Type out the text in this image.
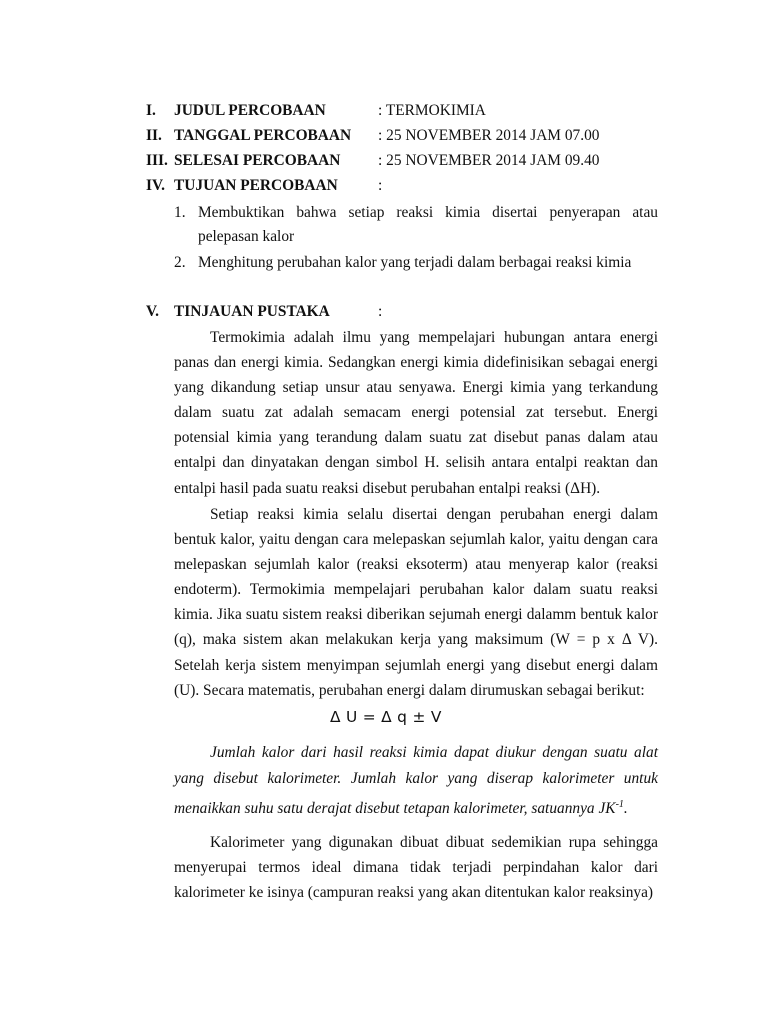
I. JUDUL PERCOBAAN	: TERMOKIMIA
II. TANGGAL PERCOBAAN : 25 NOVEMBER 2014 JAM 07.00
III. SELESAI PERCOBAAN : 25 NOVEMBER 2014 JAM 09.40
IV. TUJUAN PERCOBAAN	:
1. Membuktikan bahwa setiap reaksi kimia disertai penyerapan atau pelepasan kalor
2. Menghitung perubahan kalor yang terjadi dalam berbagai reaksi kimia
V. TINJAUAN PUSTAKA	:

Termokimia adalah ilmu yang mempelajari hubungan antara energi panas dan energi kimia. Sedangkan energi kimia didefinisikan sebagai energi yang dikandung setiap unsur atau senyawa. Energi kimia yang terkandung dalam suatu zat adalah semacam energi potensial zat tersebut. Energi potensial kimia yang terandung dalam suatu zat disebut panas dalam atau entalpi dan dinyatakan dengan simbol H. selisih antara entalpi reaktan dan entalpi hasil pada suatu reaksi disebut perubahan entalpi reaksi (ΔH).

Setiap reaksi kimia selalu disertai dengan perubahan energi dalam bentuk kalor, yaitu dengan cara melepaskan sejumlah kalor, yaitu dengan cara melepaskan sejumlah kalor (reaksi eksoterm) atau menyerap kalor (reaksi endoterm). Termokimia mempelajari perubahan kalor dalam suatu reaksi kimia. Jika suatu sistem reaksi diberikan sejumah energi dalamm bentuk kalor (q), maka sistem akan melakukan kerja yang maksimum (W = p x Δ V). Setelah kerja sistem menyimpan sejumlah energi yang disebut energi dalam (U). Secara matematis, perubahan energi dalam dirumuskan sebagai berikut:

Δ U = Δ q ± V

Jumlah kalor dari hasil reaksi kimia dapat diukur dengan suatu alat yang disebut kalorimeter. Jumlah kalor yang diserap kalorimeter untuk menaikkan suhu satu derajat disebut tetapan kalorimeter, satuannya $JK^{-1}$.

Kalorimeter yang digunakan dibuat dibuat sedemikian rupa sehingga menyerupai termos ideal dimana tidak terjadi perpindahan kalor dari kalorimeter ke isinya (campuran reaksi yang akan ditentukan kalor reaksinya)
